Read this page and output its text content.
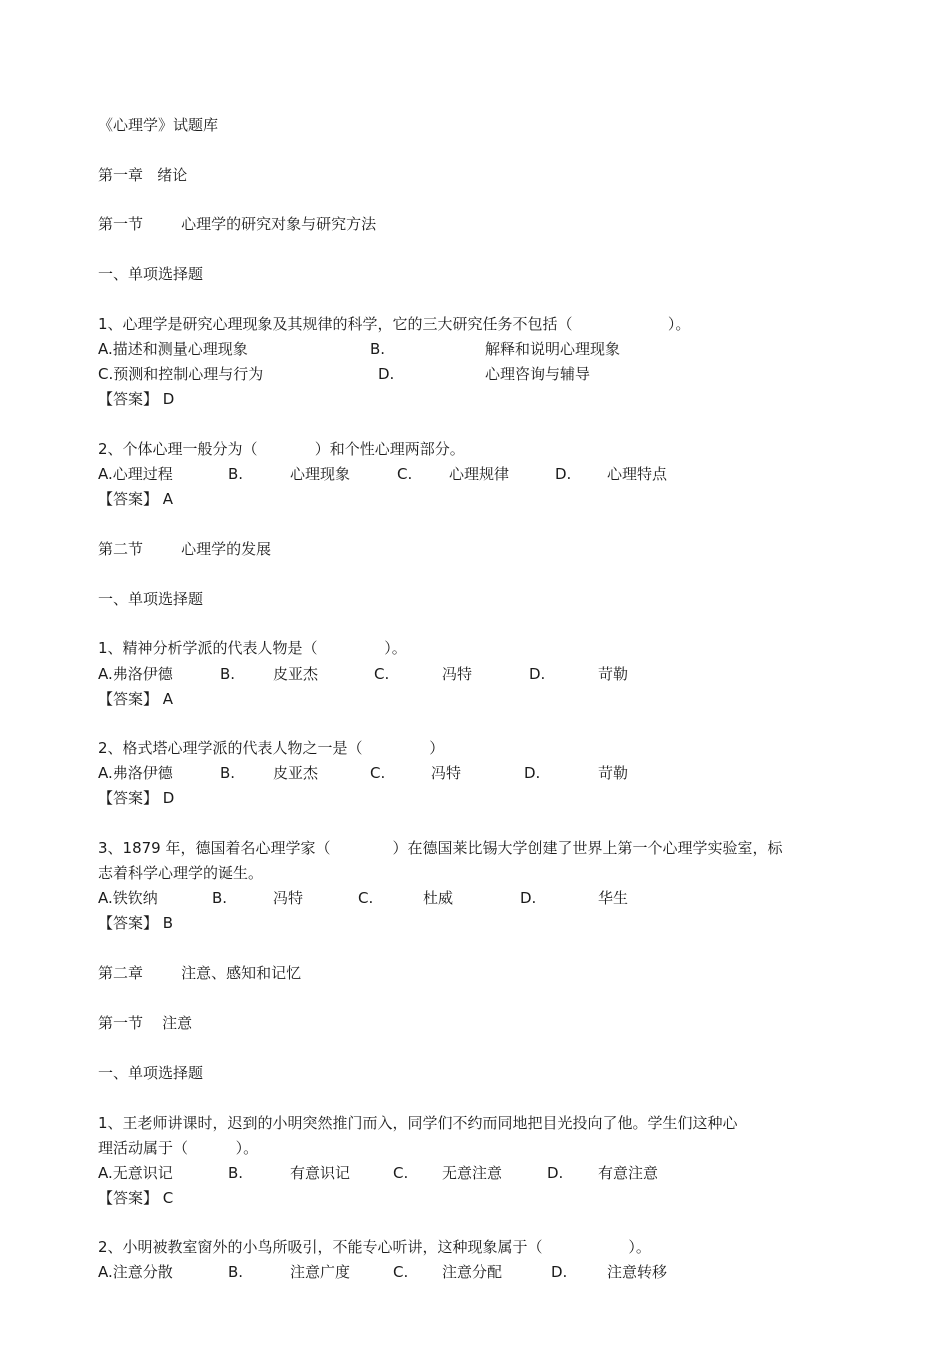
《心理学》试题库
第一章   绪论
第一节        心理学的研究对象与研究方法
一、单项选择题
1、心理学是研究心理现象及其规律的科学，它的三大研究任务不包括（                    ）。
A.描述和测量心理现象	B.	解释和说明心理现象
C.预测和控制心理与行为	D.	心理咨询与辅导
【答案】 D
2、个体心理一般分为（            ）和个性心理两部分。
A.心理过程	B.	心理现象	C. 心理规律	D. 心理特点
【答案】 A
第二节        心理学的发展
一、单项选择题
1、精神分析学派的代表人物是（              ）。
A.弗洛伊德	B.	皮亚杰	C.	冯特	D.	苛勒
【答案】 A
2、格式塔心理学派的代表人物之一是（              ）
A.弗洛伊德	B.	皮亚杰	C.	冯特	D.	苛勒
【答案】 D
3、1879 年，德国着名心理学家（             ）在德国莱比锡大学创建了世界上第一个心理学实验室，标
志着科学心理学的诞生。
A.铁钦纳	B.	冯特	C.	杜威	D.	华生
【答案】 B
第二章        注意、感知和记忆
第一节    注意
一、单项选择题
1、王老师讲课时，迟到的小明突然推门而入，同学们不约而同地把目光投向了他。学生们这种心
理活动属于（          ）。
A.无意识记	B.	有意识记	C. 无意注意	D. 有意注意
【答案】 C
2、小明被教室窗外的小鸟所吸引，不能专心听讲，这种现象属于（                  ）。
A.注意分散	B.	注意广度	C. 注意分配	D.	注意转移
